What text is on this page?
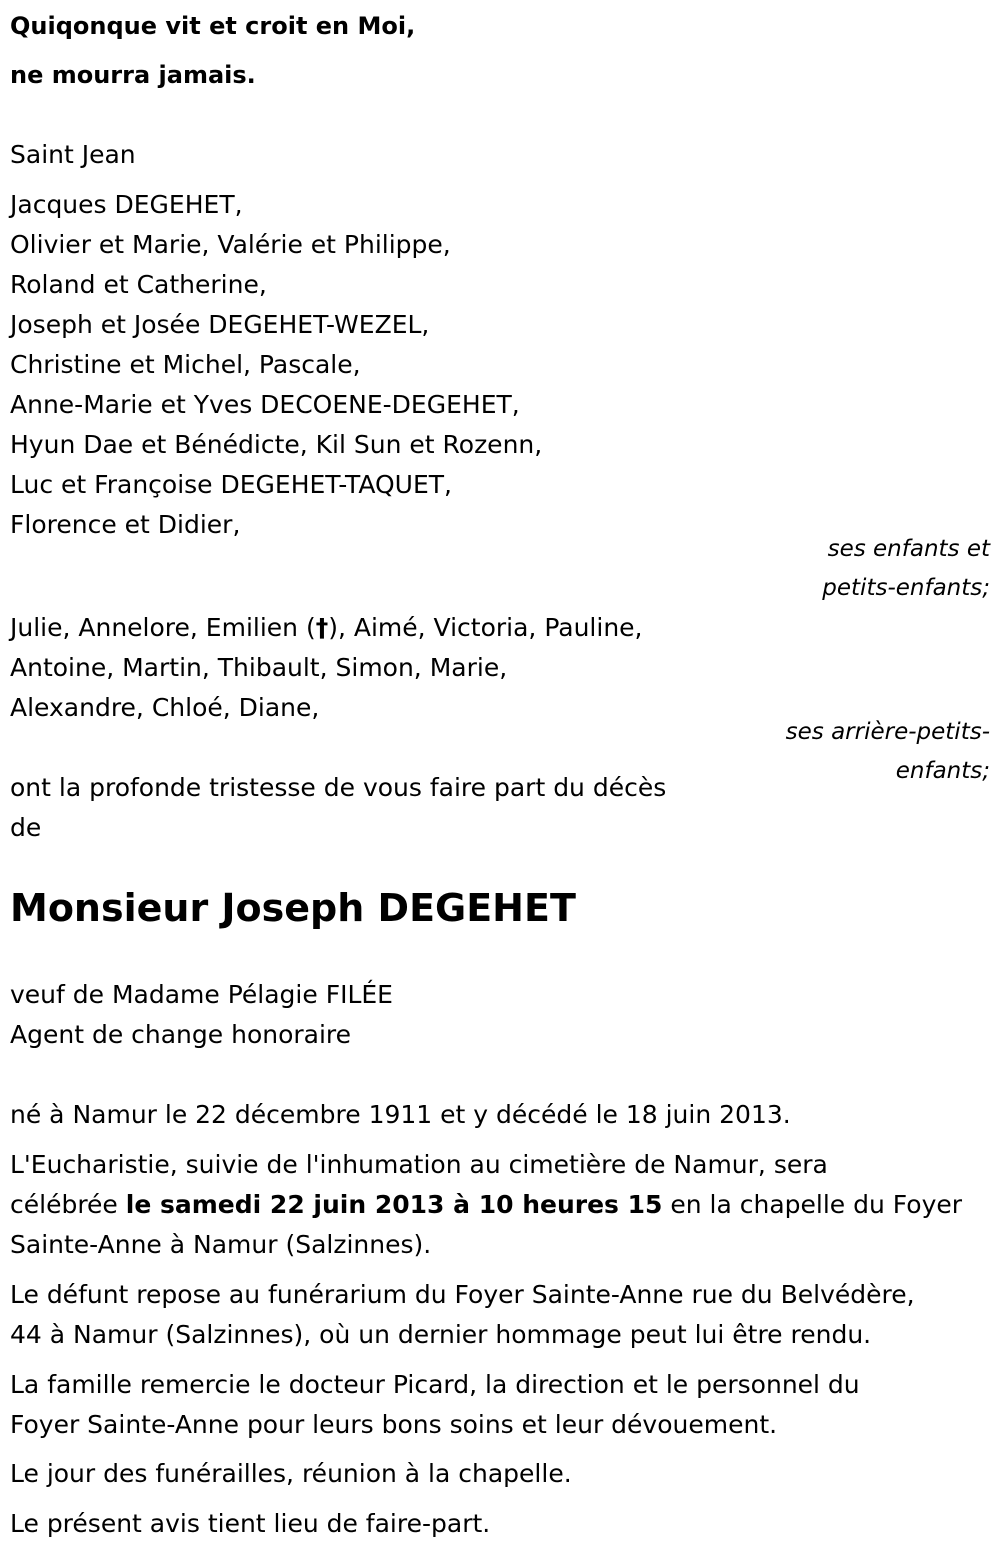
Quiqonque vit et croit en Moi,
ne mourra jamais.
Saint Jean
Jacques DEGEHET,
Olivier et Marie, Valérie et Philippe,
Roland et Catherine,
Joseph et Josée DEGEHET-WEZEL,
Christine et Michel, Pascale,
Anne-Marie et Yves DECOENE-DEGEHET,
Hyun Dae et Bénédicte, Kil Sun et Rozenn,
Luc et Françoise DEGEHET-TAQUET,
Florence et Didier,
ses enfants et
petits-enfants;
Julie, Annelore, Emilien (†), Aimé, Victoria, Pauline,
Antoine, Martin, Thibault, Simon, Marie,
Alexandre, Chloé, Diane,
ses arrière-petits-
enfants;
ont la profonde tristesse de vous faire part du décès
de
Monsieur Joseph DEGEHET
veuf de Madame Pélagie FILÉE
Agent de change honoraire
né à Namur le 22 décembre 1911 et y décédé le 18 juin 2013.
L'Eucharistie, suivie de l'inhumation au cimetière de Namur, sera
célébrée le samedi 22 juin 2013 à 10 heures 15 en la chapelle du Foyer
Sainte-Anne à Namur (Salzinnes).
Le défunt repose au funérarium du Foyer Sainte-Anne rue du Belvédère,
44 à Namur (Salzinnes), où un dernier hommage peut lui être rendu.
La famille remercie le docteur Picard, la direction et le personnel du
Foyer Sainte-Anne pour leurs bons soins et leur dévouement.
Le jour des funérailles, réunion à la chapelle.
Le présent avis tient lieu de faire-part.
